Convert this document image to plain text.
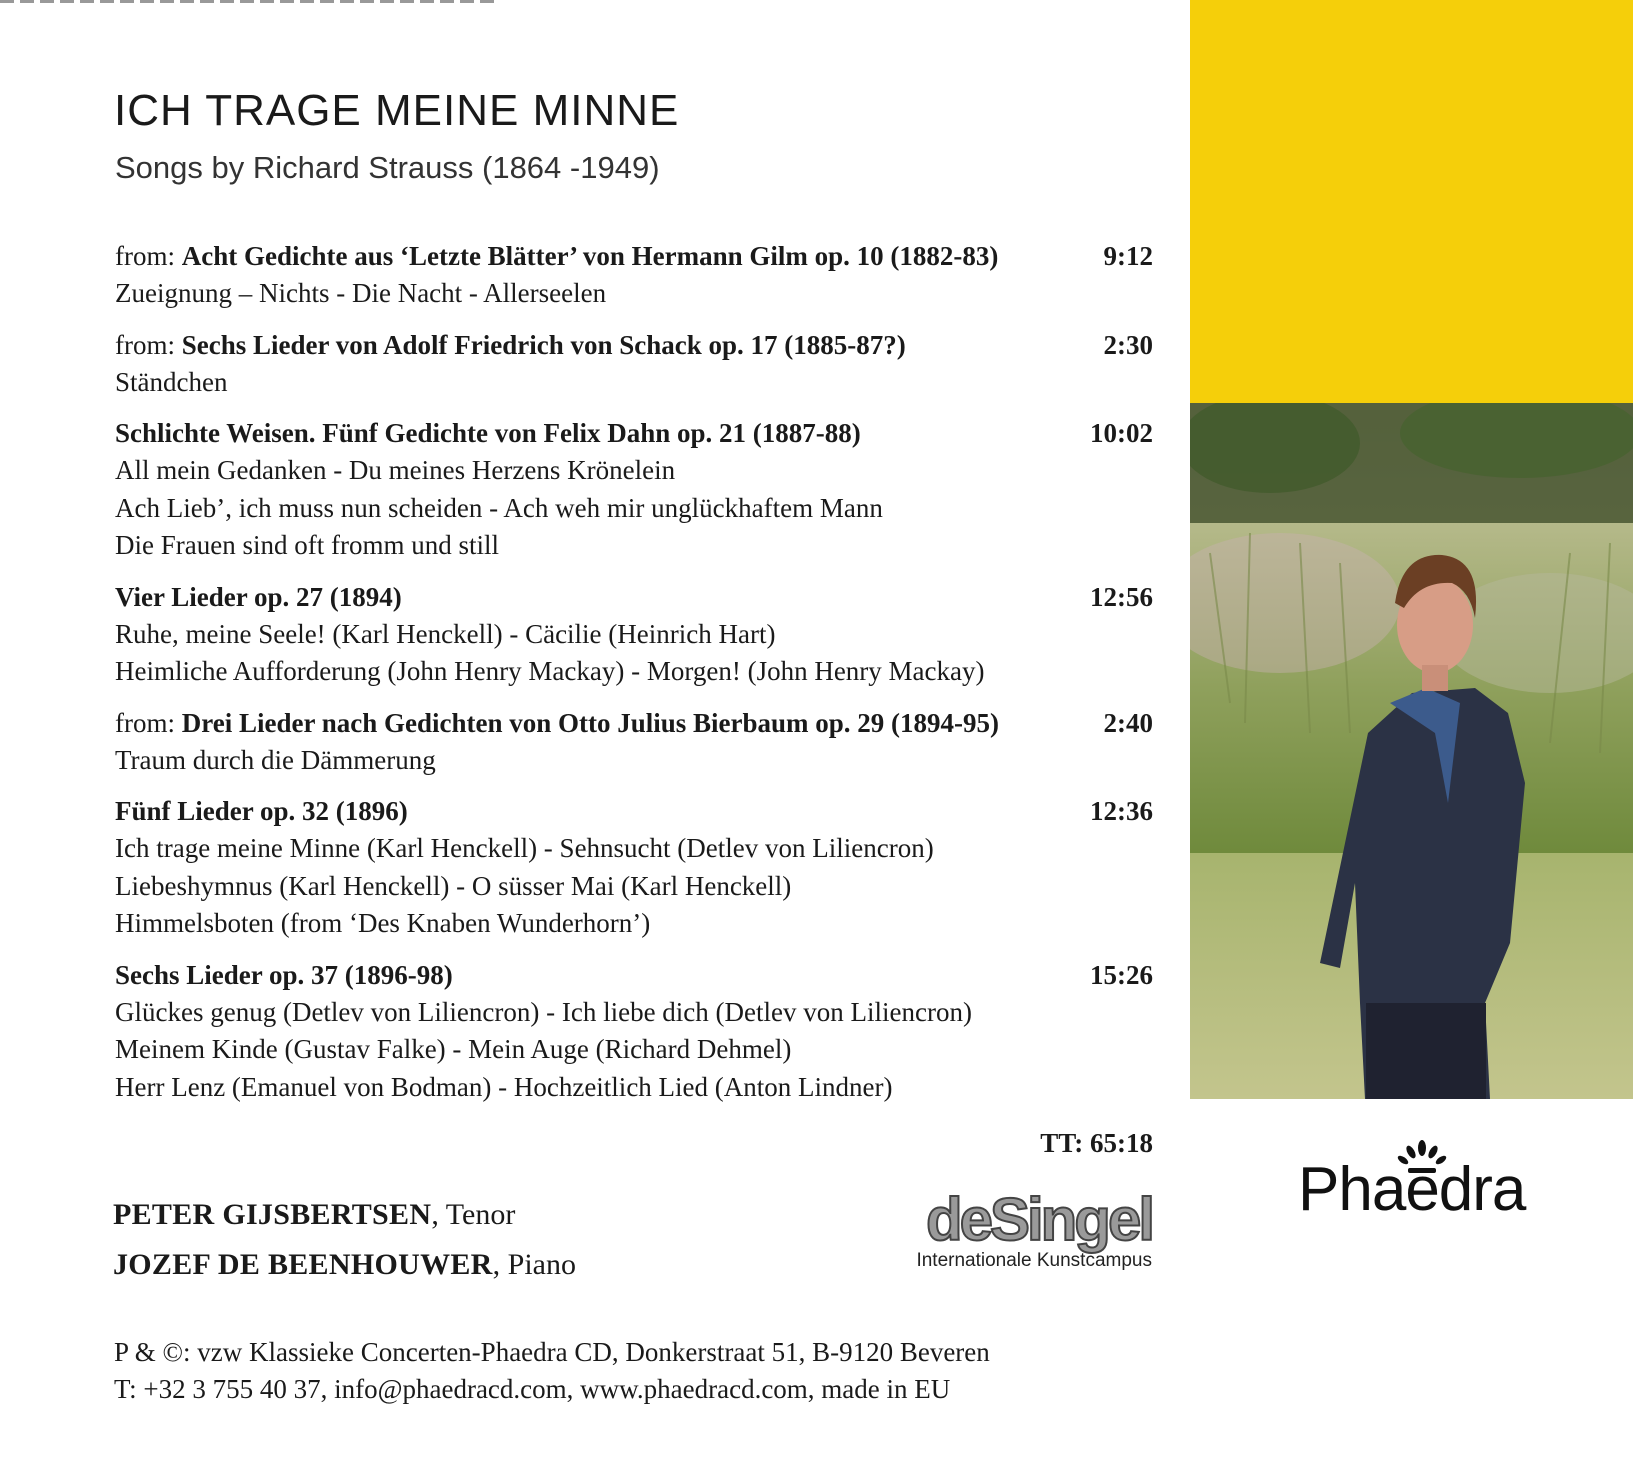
ICH TRAGE MEINE MINNE
Songs by Richard Strauss (1864 -1949)
from: Acht Gedichte aus ‘Letzte Blätter’ von Hermann Gilm op. 10 (1882-83)	9:12
Zueignung – Nichts - Die Nacht - Allerseelen
from: Sechs Lieder von Adolf Friedrich von Schack op. 17 (1885-87?)	2:30
Ständchen
Schlichte Weisen. Fünf Gedichte von Felix Dahn op. 21 (1887-88)	10:02
All mein Gedanken - Du meines Herzens Krönelein
Ach Lieb’, ich muss nun scheiden - Ach weh mir unglückhaftem Mann
Die Frauen sind oft fromm und still
Vier Lieder op. 27 (1894)	12:56
Ruhe, meine Seele! (Karl Henckell) - Cäcilie (Heinrich Hart)
Heimliche Aufforderung (John Henry Mackay) - Morgen! (John Henry Mackay)
from: Drei Lieder nach Gedichten von Otto Julius Bierbaum op. 29 (1894-95)	2:40
Traum durch die Dämmerung
Fünf Lieder op. 32 (1896)	12:36
Ich trage meine Minne (Karl Henckell) - Sehnsucht (Detlev von Liliencron)
Liebeshymnus (Karl Henckell) - O süsser Mai (Karl Henckell)
Himmelsboten (from ‘Des Knaben Wunderhorn’)
Sechs Lieder op. 37 (1896-98)	15:26
Glückes genug (Detlev von Liliencron) - Ich liebe dich (Detlev von Liliencron)
Meinem Kinde (Gustav Falke) - Mein Auge (Richard Dehmel)
Herr Lenz (Emanuel von Bodman) - Hochzeitlich Lied (Anton Lindner)
TT: 65:18
PETER GIJSBERTSEN, Tenor
JOZEF DE BEENHOUWER, Piano
deSingel
Internationale Kunstcampus
P & ©: vzw Klassieke Concerten-Phaedra CD, Donkerstraat 51, B-9120 Beveren
T: +32 3 755 40 37, info@phaedracd.com, www.phaedracd.com, made in EU
Phaedra
